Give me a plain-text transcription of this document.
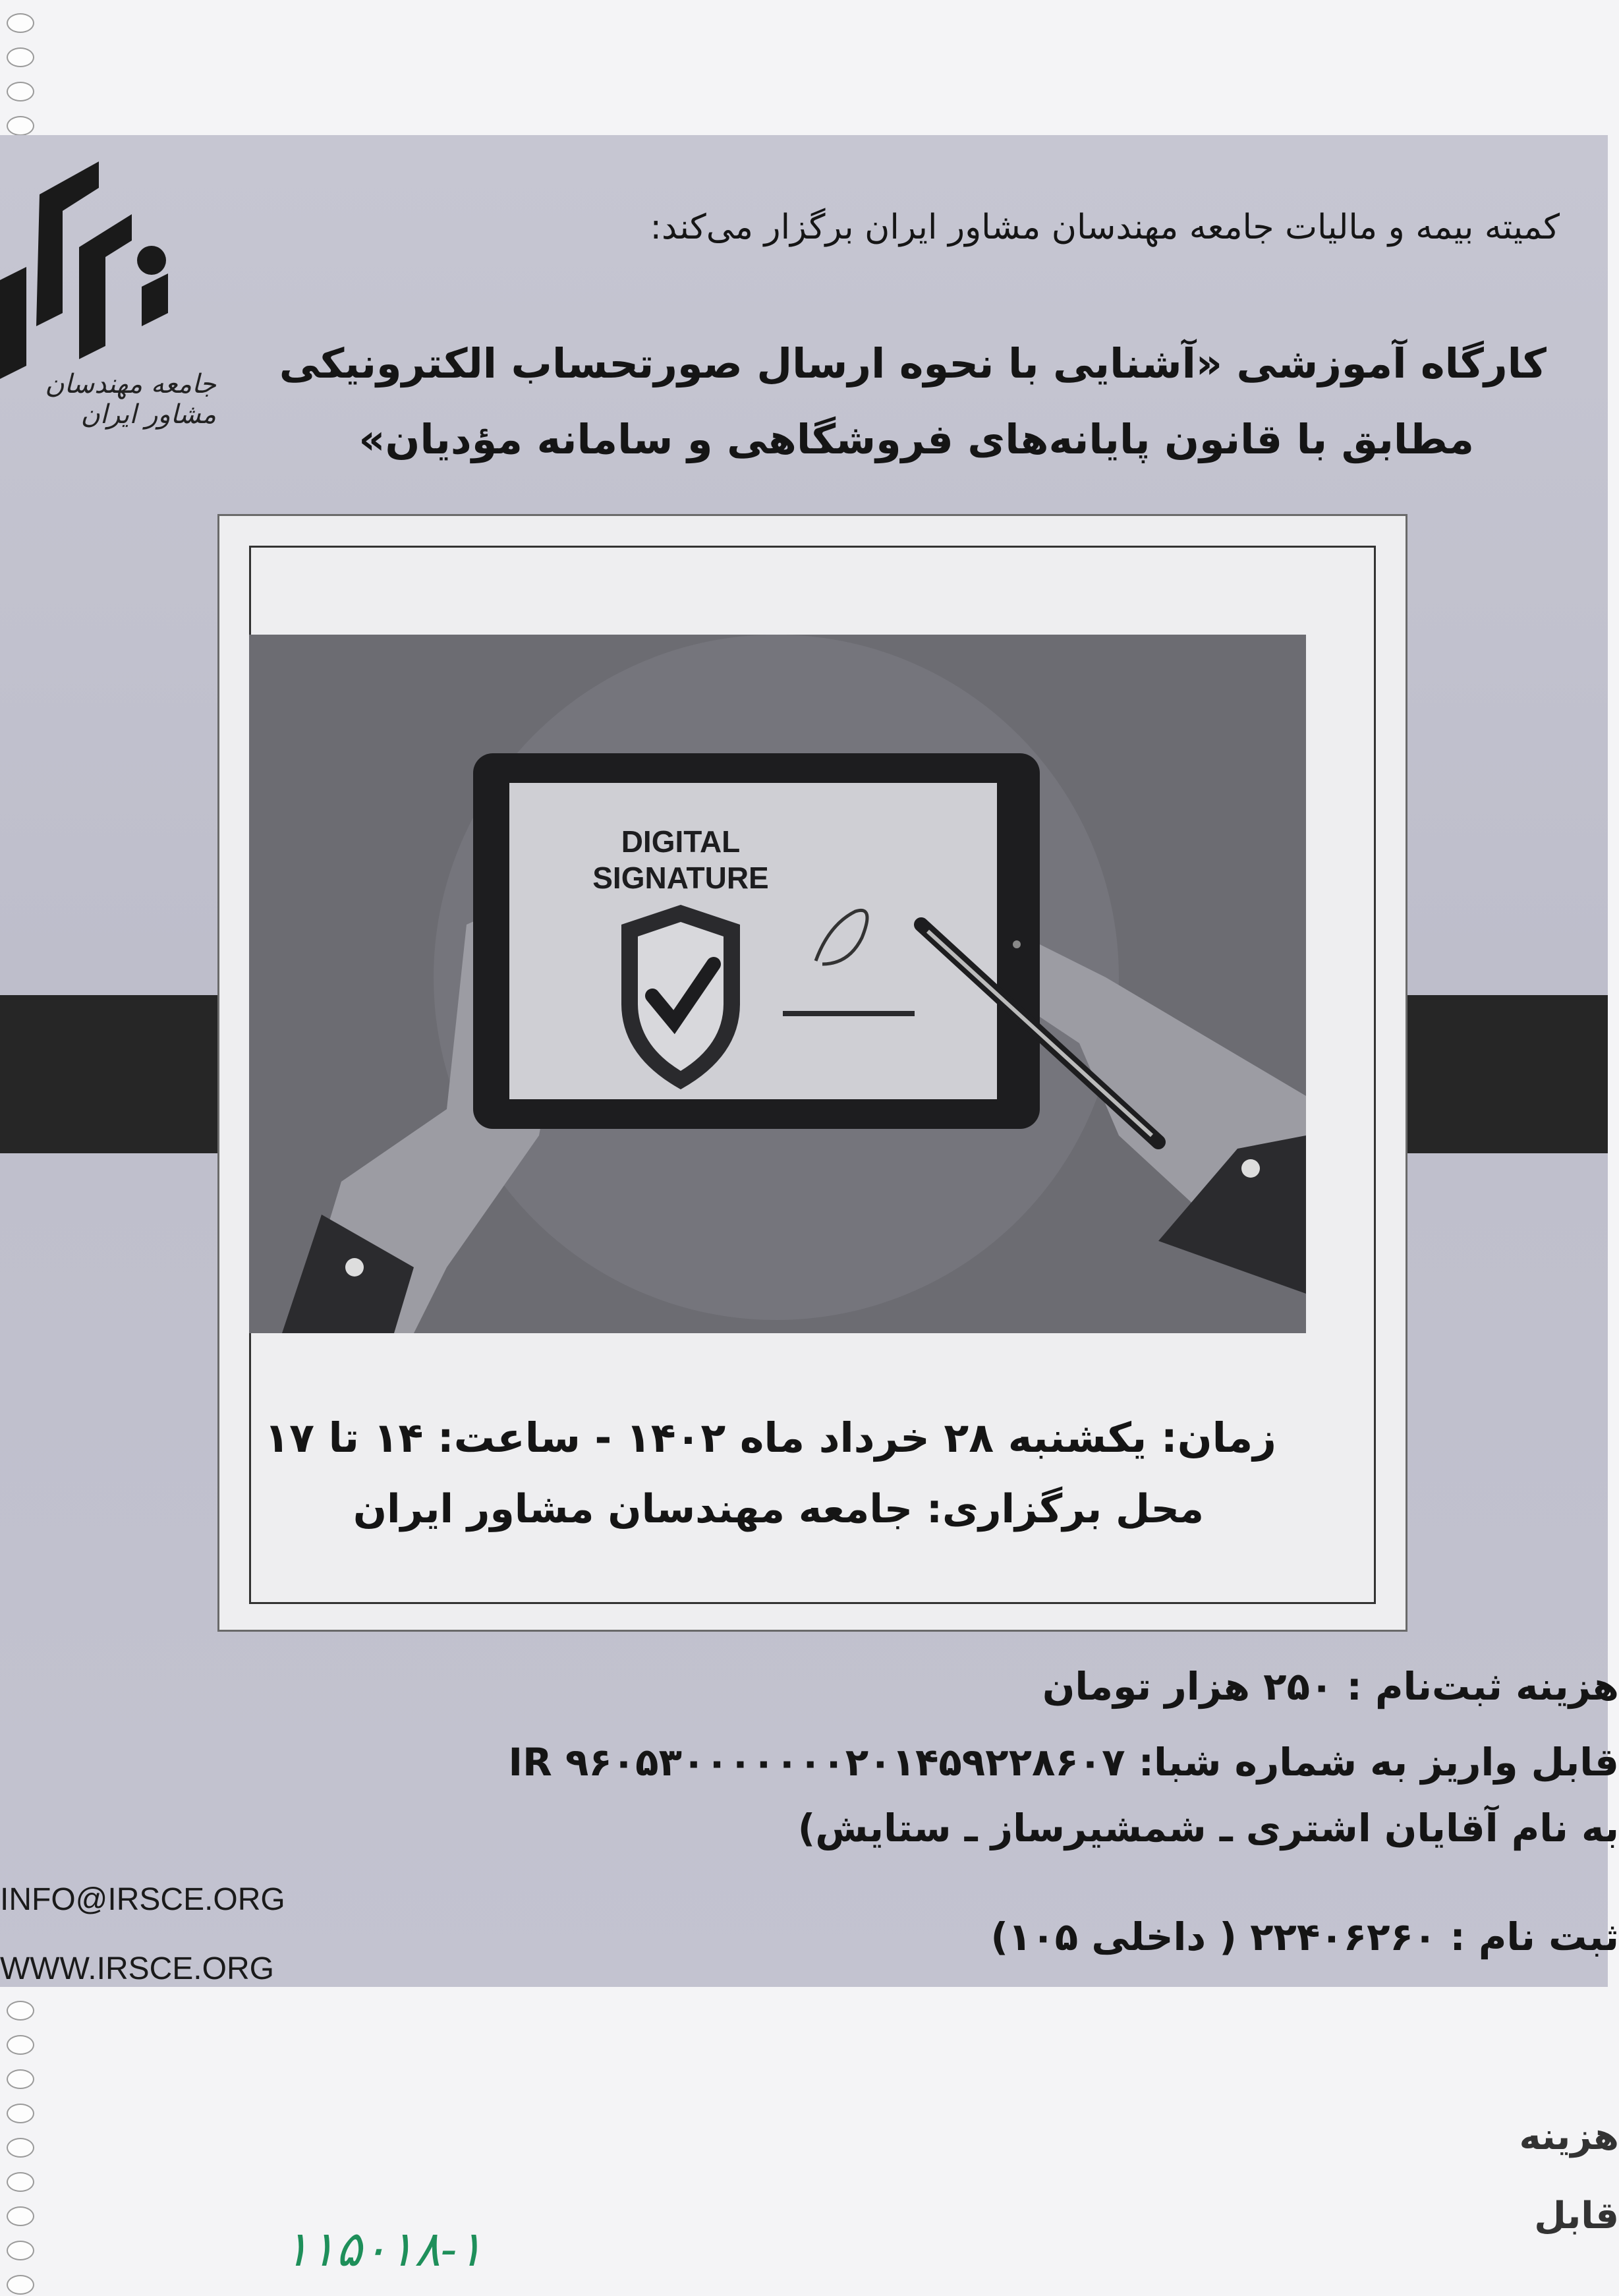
جامعه مهندسان مشاور ایران
کمیته بیمه و مالیات جامعه مهندسان مشاور ایران برگزار می‌کند:
کارگاه آموزشی «آشنایی با نحوه ارسال صورتحساب الکترونیکی
مطابق با قانون پایانه‌های فروشگاهی و سامانه مؤدیان»
DIGITAL
SIGNATURE
زمان: یکشنبه ۲۸ خرداد ماه ۱۴۰۲ - ساعت: ۱۴ تا ۱۷
محل برگزاری: جامعه مهندسان مشاور ایران
هزینه ثبت‌نام : ۲۵۰ هزار تومان
قابل واریز به شماره شبا: IR ۹۶۰۵۳۰۰۰۰۰۰۰۲۰۱۴۵۹۲۲۸۶۰۷
به نام آقایان اشتری ـ شمشیرساز ـ ستایش)
ثبت نام : ۲۲۴۰۶۲۶۰ ( داخلی ۱۰۵)
INFO@IRSCE.ORG
WWW.IRSCE.ORG
۱۱۵۰۱۸-۱
هزینه
قابل
